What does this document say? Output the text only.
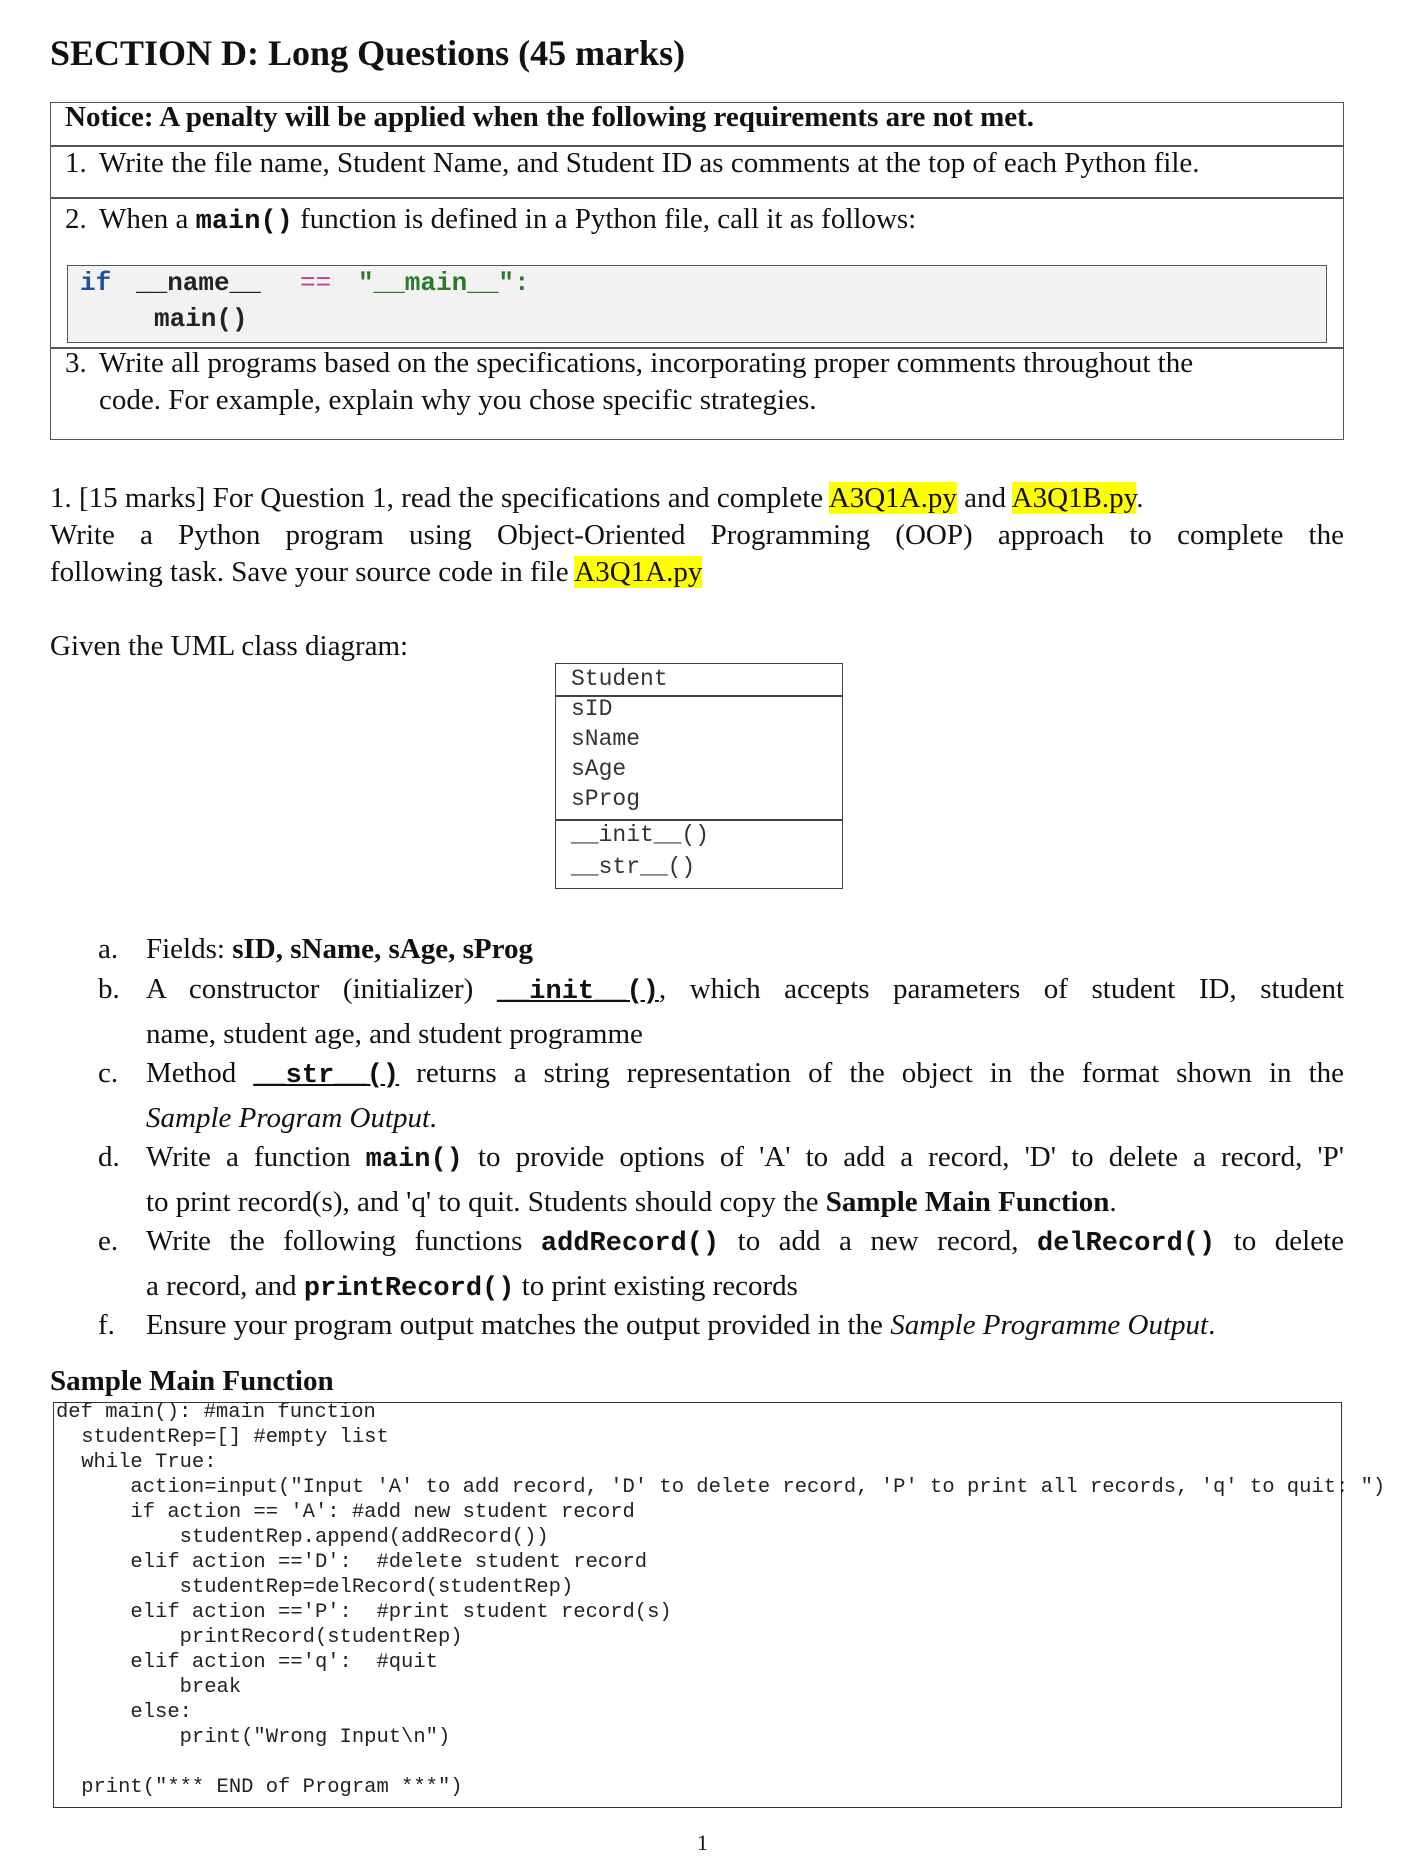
SECTION D: Long Questions (45 marks)
Notice: A penalty will be applied when the following requirements are not met.
1. Write the file name, Student Name, and Student ID as comments at the top of each Python file.
2. When a main() function is defined in a Python file, call it as follows:
if __name__ == "__main__":
main()
3. Write all programs based on the specifications, incorporating proper comments throughout the
code. For example, explain why you chose specific strategies.
1. [15 marks] For Question 1, read the specifications and complete A3Q1A.py and A3Q1B.py.
Write a Python program using Object-Oriented Programming (OOP) approach to complete the
following task. Save your source code in file A3Q1A.py
Given the UML class diagram:
Student
sID
sName
sAge
sProg
__init__()
__str__()
a. Fields: sID, sName, sAge, sProg
b. A constructor (initializer) __init__(), which accepts parameters of student ID, student
name, student age, and student programme
c. Method __str__() returns a string representation of the object in the format shown in the
Sample Program Output.
d. Write a function main() to provide options of 'A' to add a record, 'D' to delete a record, 'P'
to print record(s), and 'q' to quit. Students should copy the Sample Main Function.
e. Write the following functions addRecord() to add a new record, delRecord() to delete
a record, and printRecord() to print existing records
f. Ensure your program output matches the output provided in the Sample Programme Output.
Sample Main Function
def main(): #main function
studentRep=[] #empty list
while True:
action=input("Input 'A' to add record, 'D' to delete record, 'P' to print all records, 'q' to quit: ")
if action == 'A': #add new student record
studentRep.append(addRecord())
elif action =='D':  #delete student record
studentRep=delRecord(studentRep)
elif action =='P':  #print student record(s)
printRecord(studentRep)
elif action =='q':  #quit
break
else:
print("Wrong Input\n")
print("*** END of Program ***")
1
